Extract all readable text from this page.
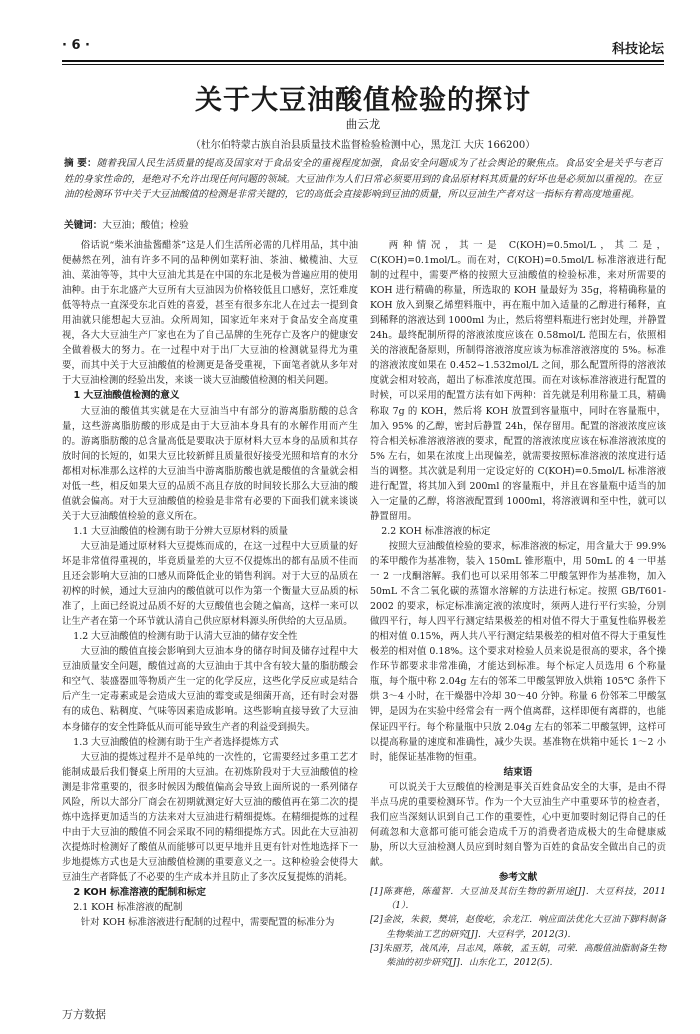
· 6 ·	科技论坛
关于大豆油酸值检验的探讨
曲云龙
（杜尔伯特蒙古族自治县质量技术监督检验检测中心，黑龙江 大庆 166200）
摘 要：随着我国人民生活质量的提高及国家对于食品安全的重视程度加强，食品安全问题成为了社会舆论的聚焦点。食品安全是关乎与老百姓的身家性命的，是绝对不允许出现任何问题的领域。大豆油作为人们日常必须要用到的食品原材料其质量的好坏也是必须加以重视的。在豆油的检测环节中关于大豆油酸值的检测是非常关键的，它的高低会直接影响到豆油的质量，所以豆油生产者对这一指标有着高度地重视。
关键词：大豆油；酸值；检验

俗话说“柴米油盐酱醋茶”这是人们生活所必需的几样用品，其中油便赫然在列，油有许多不同的品种例如菜籽油、茶油、橄榄油、大豆油、菜油等等，其中大豆油尤其是在中国的东北是极为普遍应用的使用油种。由于东北盛产大豆所有大豆油因为价格较低且口感好，烹饪难度低等特点一直深受东北百姓的喜爱，甚至有很多东北人在过去一提到食用油就只能想起大豆油。众所周知，国家近年来对于食品安全高度重视，各大大豆油生产厂家也在为了自己品牌的生死存亡及客户的健康安全做着极大的努力。在一过程中对于出厂大豆油的检测就显得尤为重要，而其中关于大豆油酸值的检测更是备受重视，下面笔者就从多年对于大豆油检测的经验出发，来谈一谈大豆油酸值检测的相关问题。

1 大豆油酸值检测的意义

大豆油的酸值其实就是在大豆油当中有部分的游离脂肪酸的总含量，这些游离脂肪酸的形成是由于大豆油本身具有的水解作用而产生的。游离脂肪酸的总含量高低是要取决于原材料大豆本身的品质和其存放时间的长短的，如果大豆比较新鲜且质量很好接受光照和培育的水分都相对标准那么这样的大豆油当中游离脂肪酸也就是酸值的含量就会相对低一些，相反如果大豆的品质不高且存放的时间较长那么大豆油的酸值就会偏高。对于大豆油酸值的检验是非常有必要的下面我们就来谈谈关于大豆油酸值检验的意义所在。

1.1 大豆油酸值的检测有助于分辨大豆原材料的质量

大豆油是通过原材料大豆提炼而成的，在这一过程中大豆质量的好坏是非常值得重视的，毕竟质量差的大豆不仅提炼出的都有品质不佳而且还会影响大豆油的口感从而降低企业的销售利润。对于大豆的品质在初榨的时候，通过大豆油内的酸值就可以作为第一个衡量大豆品质的标准了，上面已经说过品质不好的大豆酸值也会随之偏高，这样一来可以让生产者在第一个环节就认清自己供应原材料源头所供给的大豆品质。

1.2 大豆油酸值的检测有助于认清大豆油的储存安全性

大豆油的酸值直接会影响到大豆油本身的储存时间及储存过程中大豆油质量安全问题，酸值过高的大豆油由于其中含有较大量的脂肪酸会和空气、装盛器皿等物质产生一定的化学反应，这些化学反应或是结合后产生一定毒素或是会造成大豆油的霉变或是细菌开高，还有时会对器有的成色、粘稠度、气味等因素造成影响。这些影响直接导致了大豆油本身储存的安全性降低从而可能导致生产者的利益受到损失。

1.3 大豆油酸值的检测有助于生产者选择提炼方式

大豆油的提炼过程并不是单纯的一次性的，它需要经过多重工艺才能制成最后我们餐桌上所用的大豆油。在初炼阶段对于大豆油酸值的检测是非常重要的，很多时候因为酸值偏高会导致上面所说的一系列储存风险，所以大部分厂商会在初期就测定好大豆油的酸值再在第二次的提炼中选择更加适当的方法来对大豆油进行精细提炼。在精细提炼的过程中由于大豆油的酸值不同会采取不同的精细提炼方式。因此在大豆油初次提炼时检测好了酸值从而能够可以更早地并且更有针对性地选择下一步地提炼方式也是大豆油酸值检测的重要意义之一。这种检验会使得大豆油生产者降低了不必要的生产成本并且防止了多次反复提炼的消耗。

2 KOH 标准溶液的配制和标定
2.1 KOH 标准溶液的配制

针对 KOH 标准溶液进行配制的过程中，需要配置的标准分为

两种情况，其一是 C(KOH)=0.5mol/L，其二是，C(KOH)=0.1mol/L。而在对，C(KOH)=0.5mol/L 标准溶液进行配制的过程中，需要严格的按照大豆油酸值的检验标准，来对所需要的 KOH 进行精确的称量，所选取的 KOH 量最好为 35g，将精确称量的 KOH 放入到聚乙烯塑料瓶中，再在瓶中加入适量的乙醇进行稀释，直到稀释的溶液达到 1000ml 为止，然后将塑料瓶进行密封处理，并静置 24h。最终配制所得的溶液浓度应该在 0.58mol/L 范围左右，依照相关的溶液配备原则，所制得溶液溶度应该为标准溶液溶度的 5%。标准的溶液浓度如果在 0.452~1.532mol/L 之间，那么配置所得的溶液浓度就会相对较高，超出了标准浓度范围。而在对该标准溶液进行配置的时候，可以采用的配置方法有如下两种：首先就是利用称量工具，精确称取 7g 的 KOH，然后将 KOH 放置到容量瓶中，同时在容量瓶中，加入 95% 的乙醇，密封后静置 24h，保存留用。配置的溶液浓度应该符合相关标准溶液溶液的要求，配置的溶液浓度应该在标准溶液浓度的 5% 左右，如果在浓度上出现偏差，就需要按照标准溶液的浓度进行适当的调整。其次就是利用一定设定好的 C(KOH)=0.5mol/L 标准溶液进行配置，将其加入到 200ml 的容量瓶中，并且在容量瓶中适当的加入一定量的乙醇，将溶液配置到 1000ml，将溶液调和至中性，就可以静置留用。

2.2 KOH 标准溶液的标定

按照大豆油酸值检验的要求，标准溶液的标定，用含量大于 99.9% 的苯甲酸作为基准物，装入 150mL 锥形瓶中，用 50mL 的 4 一甲基一 2 一戊酮溶解。我们也可以采用邻苯二甲酸氢钾作为基准物，加入 50mL 不含二氧化碳的蒸馏水溶解的方法进行标定。按照 GB/T601-2002 的要求，标定标准滴定液的浓度时，须两人进行平行实验，分别做四平行，每人四平行测定结果极差的相对值不得大于重复性临界极差的相对值 0.15%，两人共八平行测定结果极差的相对值不得大于重复性极差的相对值 0.18%。这个要求对检验人员来说是很高的要求，各个操作环节都要求非常准确，才能达到标准。每个标定人员选用 6 个称量瓶，每个瓶中称 2.04g 左右的邻苯二甲酸氢钾放入烘箱 105℃ 条件下烘 3～4 小时，在干燥器中冷却 30～40 分钟。称量 6 份邻苯二甲酸氢钾，是因为在实验中经常会有一两个值离群，这样即便有离群的，也能保证四平行。每个称量瓶中只放 2.04g 左右的邻苯二甲酸氢钾，这样可以提高称量的速度和准确性，减少失误。基准物在烘箱中延长 1～2 小时，能保证基准物的恒重。

结束语

可以说关于大豆酸值的检测是事关百姓食品安全的大事，是由不得半点马虎的重要检测环节。作为一个大豆油生产中重要环节的检查者，我们应当深刻认识到自己工作的重要性，心中更加要时刻记得自己的任何疏忽和大意都可能可能会造成千万的消费者造成极大的生命健康威胁，所以大豆油检测人员应到时刻自警为百姓的食品安全做出自己的贡献。

参考文献
[1]陈赛艳，陈蕴智．大豆油及其衍生物的新用途[J]．大豆科技，2011（1）．
[2]金波，朱毅，樊培，赵俊屹，余龙江．响应面法优化大豆油下脚料制备生物柴油工艺的研究[J]．大豆科学，2012(3)．
[3]朱丽芳，战凤涛，吕志凤，陈敏，孟玉娟，司荣．高酸值油脂制备生物柴油的初步研究[J]．山东化工，2012(5)．
万方数据
